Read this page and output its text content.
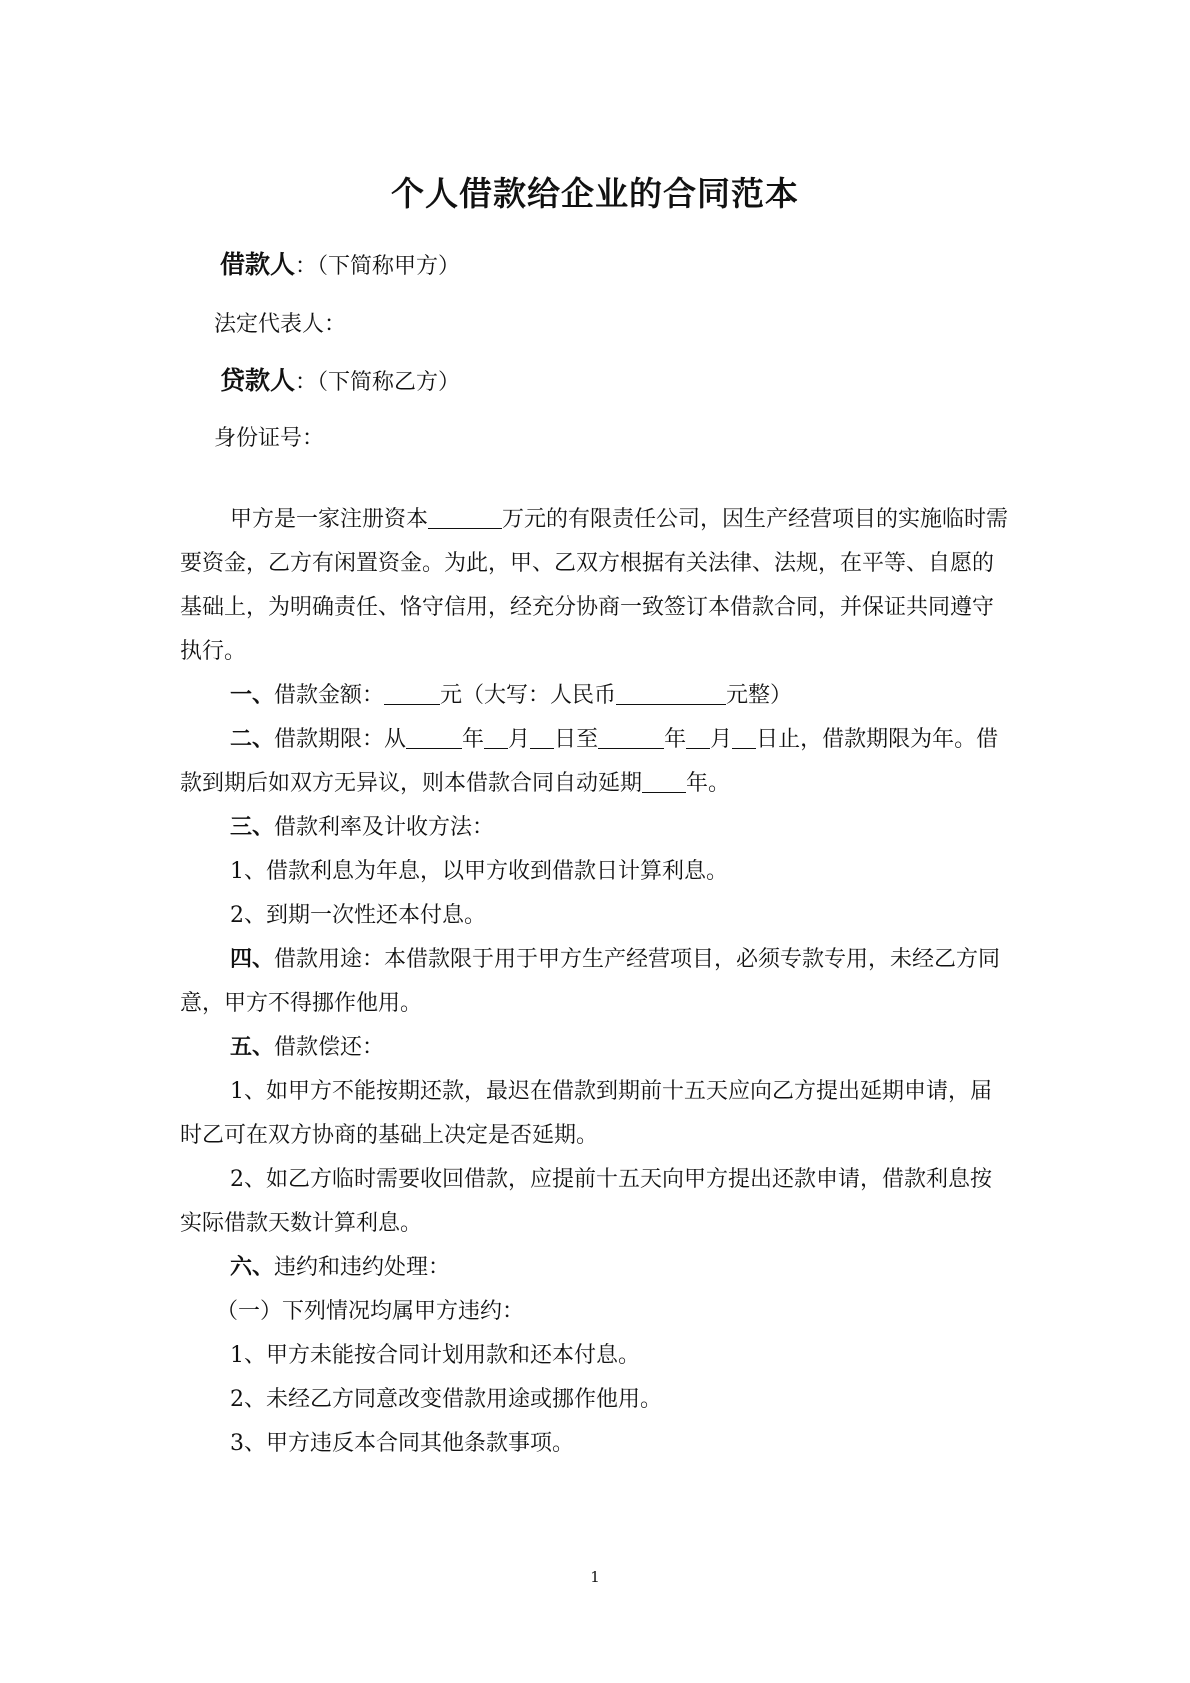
个人借款给企业的合同范本
借款人：（下简称甲方）
法定代表人：
贷款人：（下简称乙方）
身份证号：
甲方是一家注册资本	万元的有限责任公司，因生产经营项目的实施临时需要资金，乙方有闲置资金。为此，甲、乙双方根据有关法律、法规，在平等、自愿的基础上，为明确责任、恪守信用，经充分协商一致签订本借款合同，并保证共同遵守执行。
一、借款金额：	元（大写：人民币	元整）
二、借款期限：从	年 月 日至	年 月 日止，借款期限为年。借款到期后如双方无异议，则本借款合同自动延期 年。
三、借款利率及计收方法：
1、借款利息为年息，以甲方收到借款日计算利息。
2、到期一次性还本付息。
四、借款用途：本借款限于用于甲方生产经营项目，必须专款专用，未经乙方同意，甲方不得挪作他用。
五、借款偿还：
1、如甲方不能按期还款，最迟在借款到期前十五天应向乙方提出延期申请，届时乙可在双方协商的基础上决定是否延期。
2、如乙方临时需要收回借款，应提前十五天向甲方提出还款申请，借款利息按实际借款天数计算利息。
六、违约和违约处理：
（一）下列情况均属甲方违约：
1、甲方未能按合同计划用款和还本付息。
2、未经乙方同意改变借款用途或挪作他用。
3、甲方违反本合同其他条款事项。
1
